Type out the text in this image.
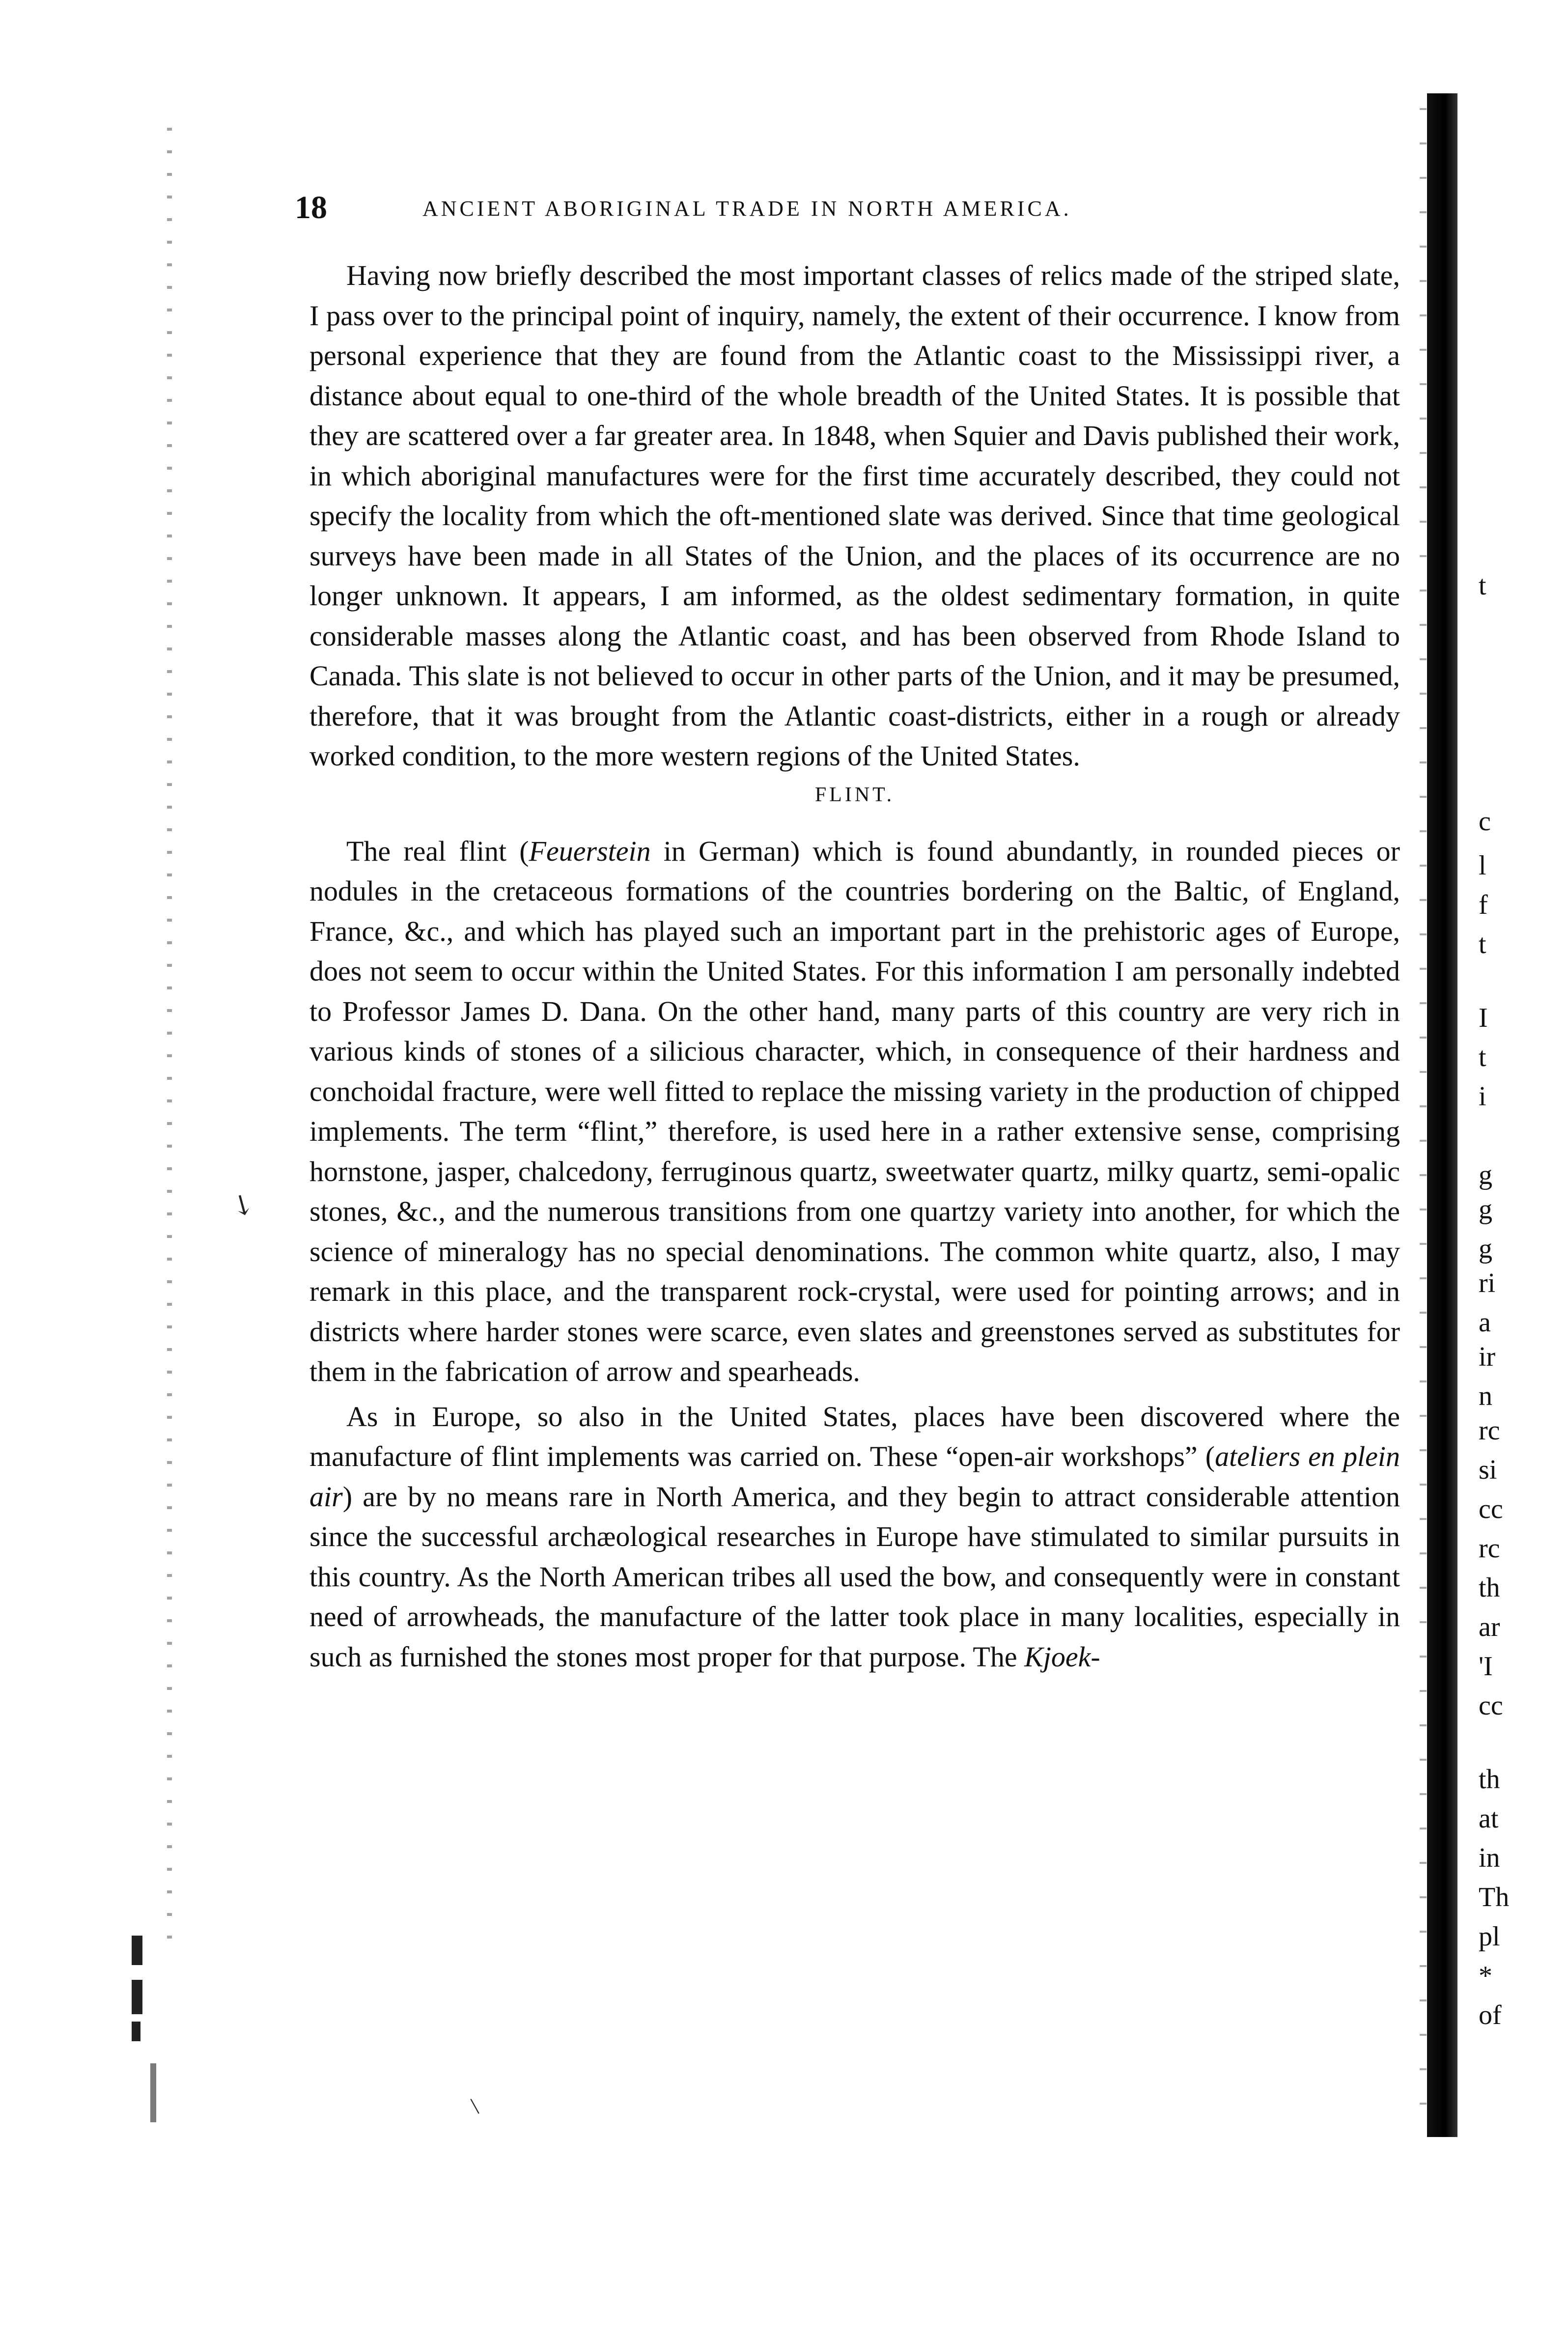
↘
\
18	ANCIENT ABORIGINAL TRADE IN NORTH AMERICA.

Having now briefly described the most important classes of relics made of the striped slate, I pass over to the principal point of inquiry, namely, the extent of their occurrence. I know from personal experience that they are found from the Atlantic coast to the Mississippi river, a distance about equal to one-third of the whole breadth of the United States. It is possible that they are scattered over a far greater area. In 1848, when Squier and Davis published their work, in which aboriginal manufactures were for the first time accurately described, they could not specify the locality from which the oft-mentioned slate was derived. Since that time geological surveys have been made in all States of the Union, and the places of its occurrence are no longer unknown. It appears, I am informed, as the oldest sedimentary formation, in quite considerable masses along the Atlantic coast, and has been observed from Rhode Island to Canada. This slate is not believed to occur in other parts of the Union, and it may be presumed, therefore, that it was brought from the Atlantic coast-districts, either in a rough or already worked condition, to the more western regions of the United States.

FLINT.

The real flint (Feuerstein in German) which is found abundantly, in rounded pieces or nodules in the cretaceous formations of the countries bordering on the Baltic, of England, France, &c., and which has played such an important part in the prehistoric ages of Europe, does not seem to occur within the United States. For this information I am personally indebted to Professor James D. Dana. On the other hand, many parts of this country are very rich in various kinds of stones of a silicious character, which, in consequence of their hardness and conchoidal fracture, were well fitted to replace the missing variety in the production of chipped implements. The term “flint,” therefore, is used here in a rather extensive sense, comprising hornstone, jasper, chalcedony, ferruginous quartz, sweetwater quartz, milky quartz, semi-opalic stones, &c., and the numerous transitions from one quartzy variety into another, for which the science of mineralogy has no special denominations. The common white quartz, also, I may remark in this place, and the transparent rock-crystal, were used for pointing arrows; and in districts where harder stones were scarce, even slates and greenstones served as substitutes for them in the fabrication of arrow and spearheads.

As in Europe, so also in the United States, places have been discovered where the manufacture of flint implements was carried on. These “open-air workshops” (ateliers en plein air) are by no means rare in North America, and they begin to attract considerable attention since the successful archæological researches in Europe have stimulated to similar pursuits in this country. As the North American tribes all used the bow, and consequently were in constant need of arrowheads, the manufacture of the latter took place in many localities, especially in such as furnished the stones most proper for that purpose. The Kjoek-

t
c
l
f
t
I
t
i
g
g
g
ri
a
ir
n
rc
si
cc
rc
th
ar
'I
cc
th
at
in
Th
pl
*
of
